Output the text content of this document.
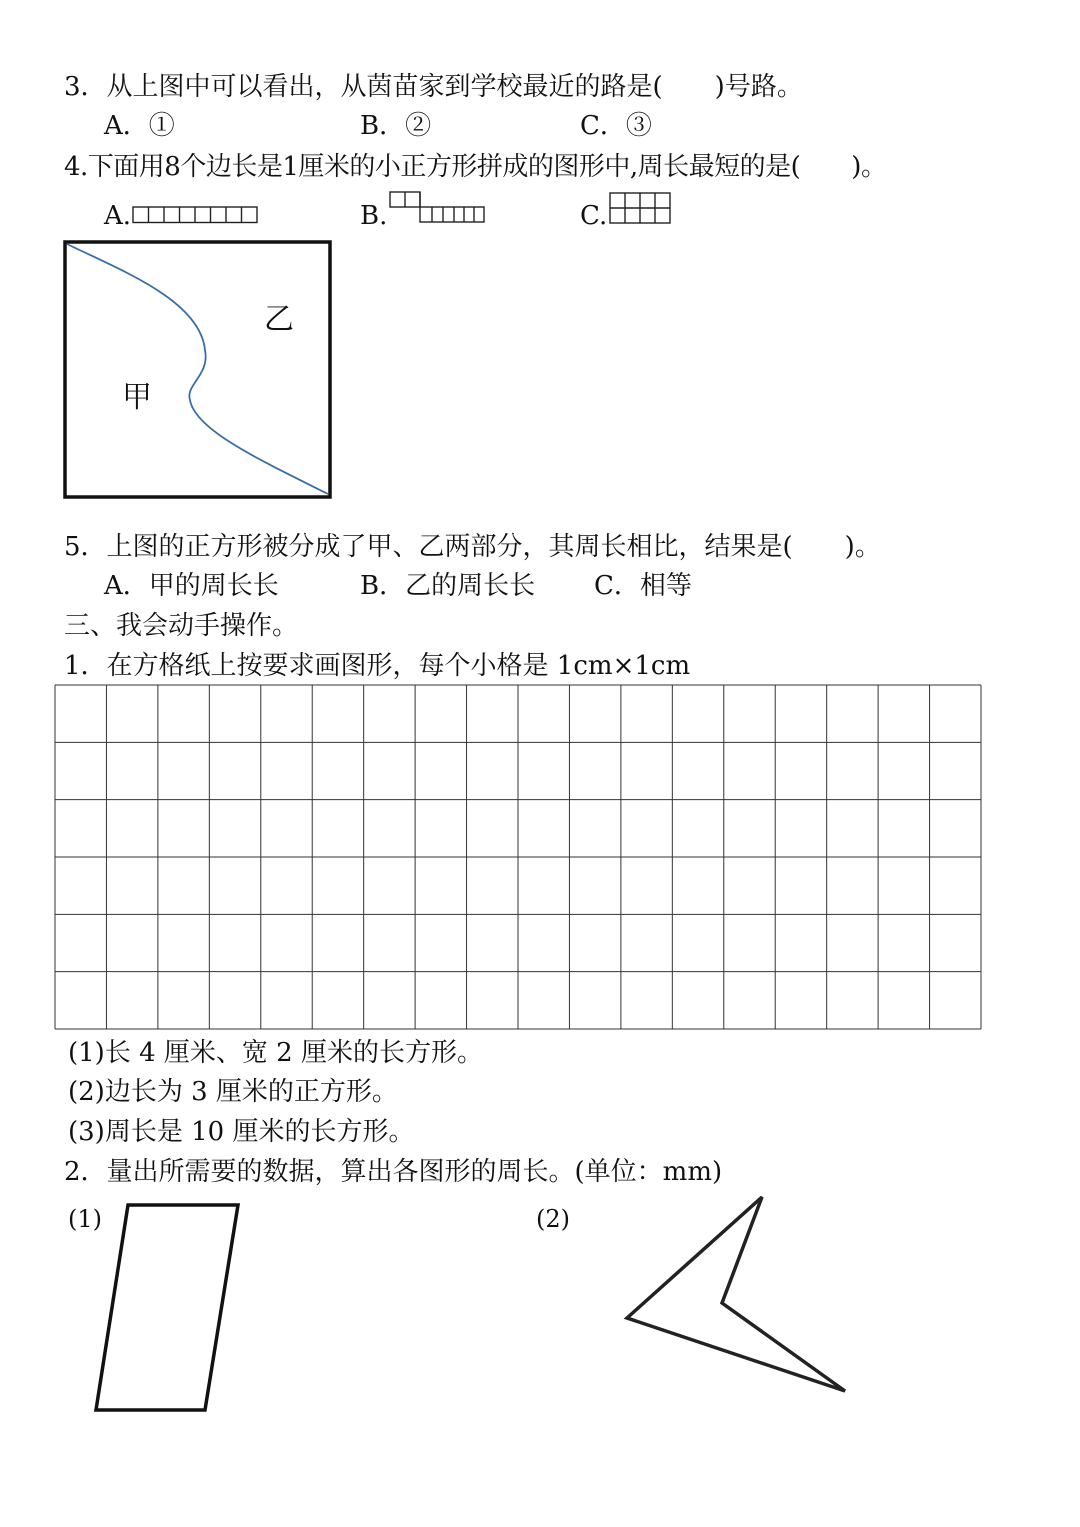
3．从上图中可以看出，从茵苗家到学校最近的路是(　　)号路。
A．①	B．②	C．③
4.下面用8个边长是1厘米的小正方形拼成的图形中,周长最短的是(　　)。
A.	B.	C.
乙
甲
5．上图的正方形被分成了甲、乙两部分，其周长相比，结果是(　　)。
A．甲的周长长	B．乙的周长长 C．相等
三、我会动手操作。
1．在方格纸上按要求画图形，每个小格是 1cm×1cm
(1)长 4 厘米、宽 2 厘米的长方形。
(2)边长为 3 厘米的正方形。
(3)周长是 10 厘米的长方形。
2．量出所需要的数据，算出各图形的周长。(单位：mm)
(1)	(2)
